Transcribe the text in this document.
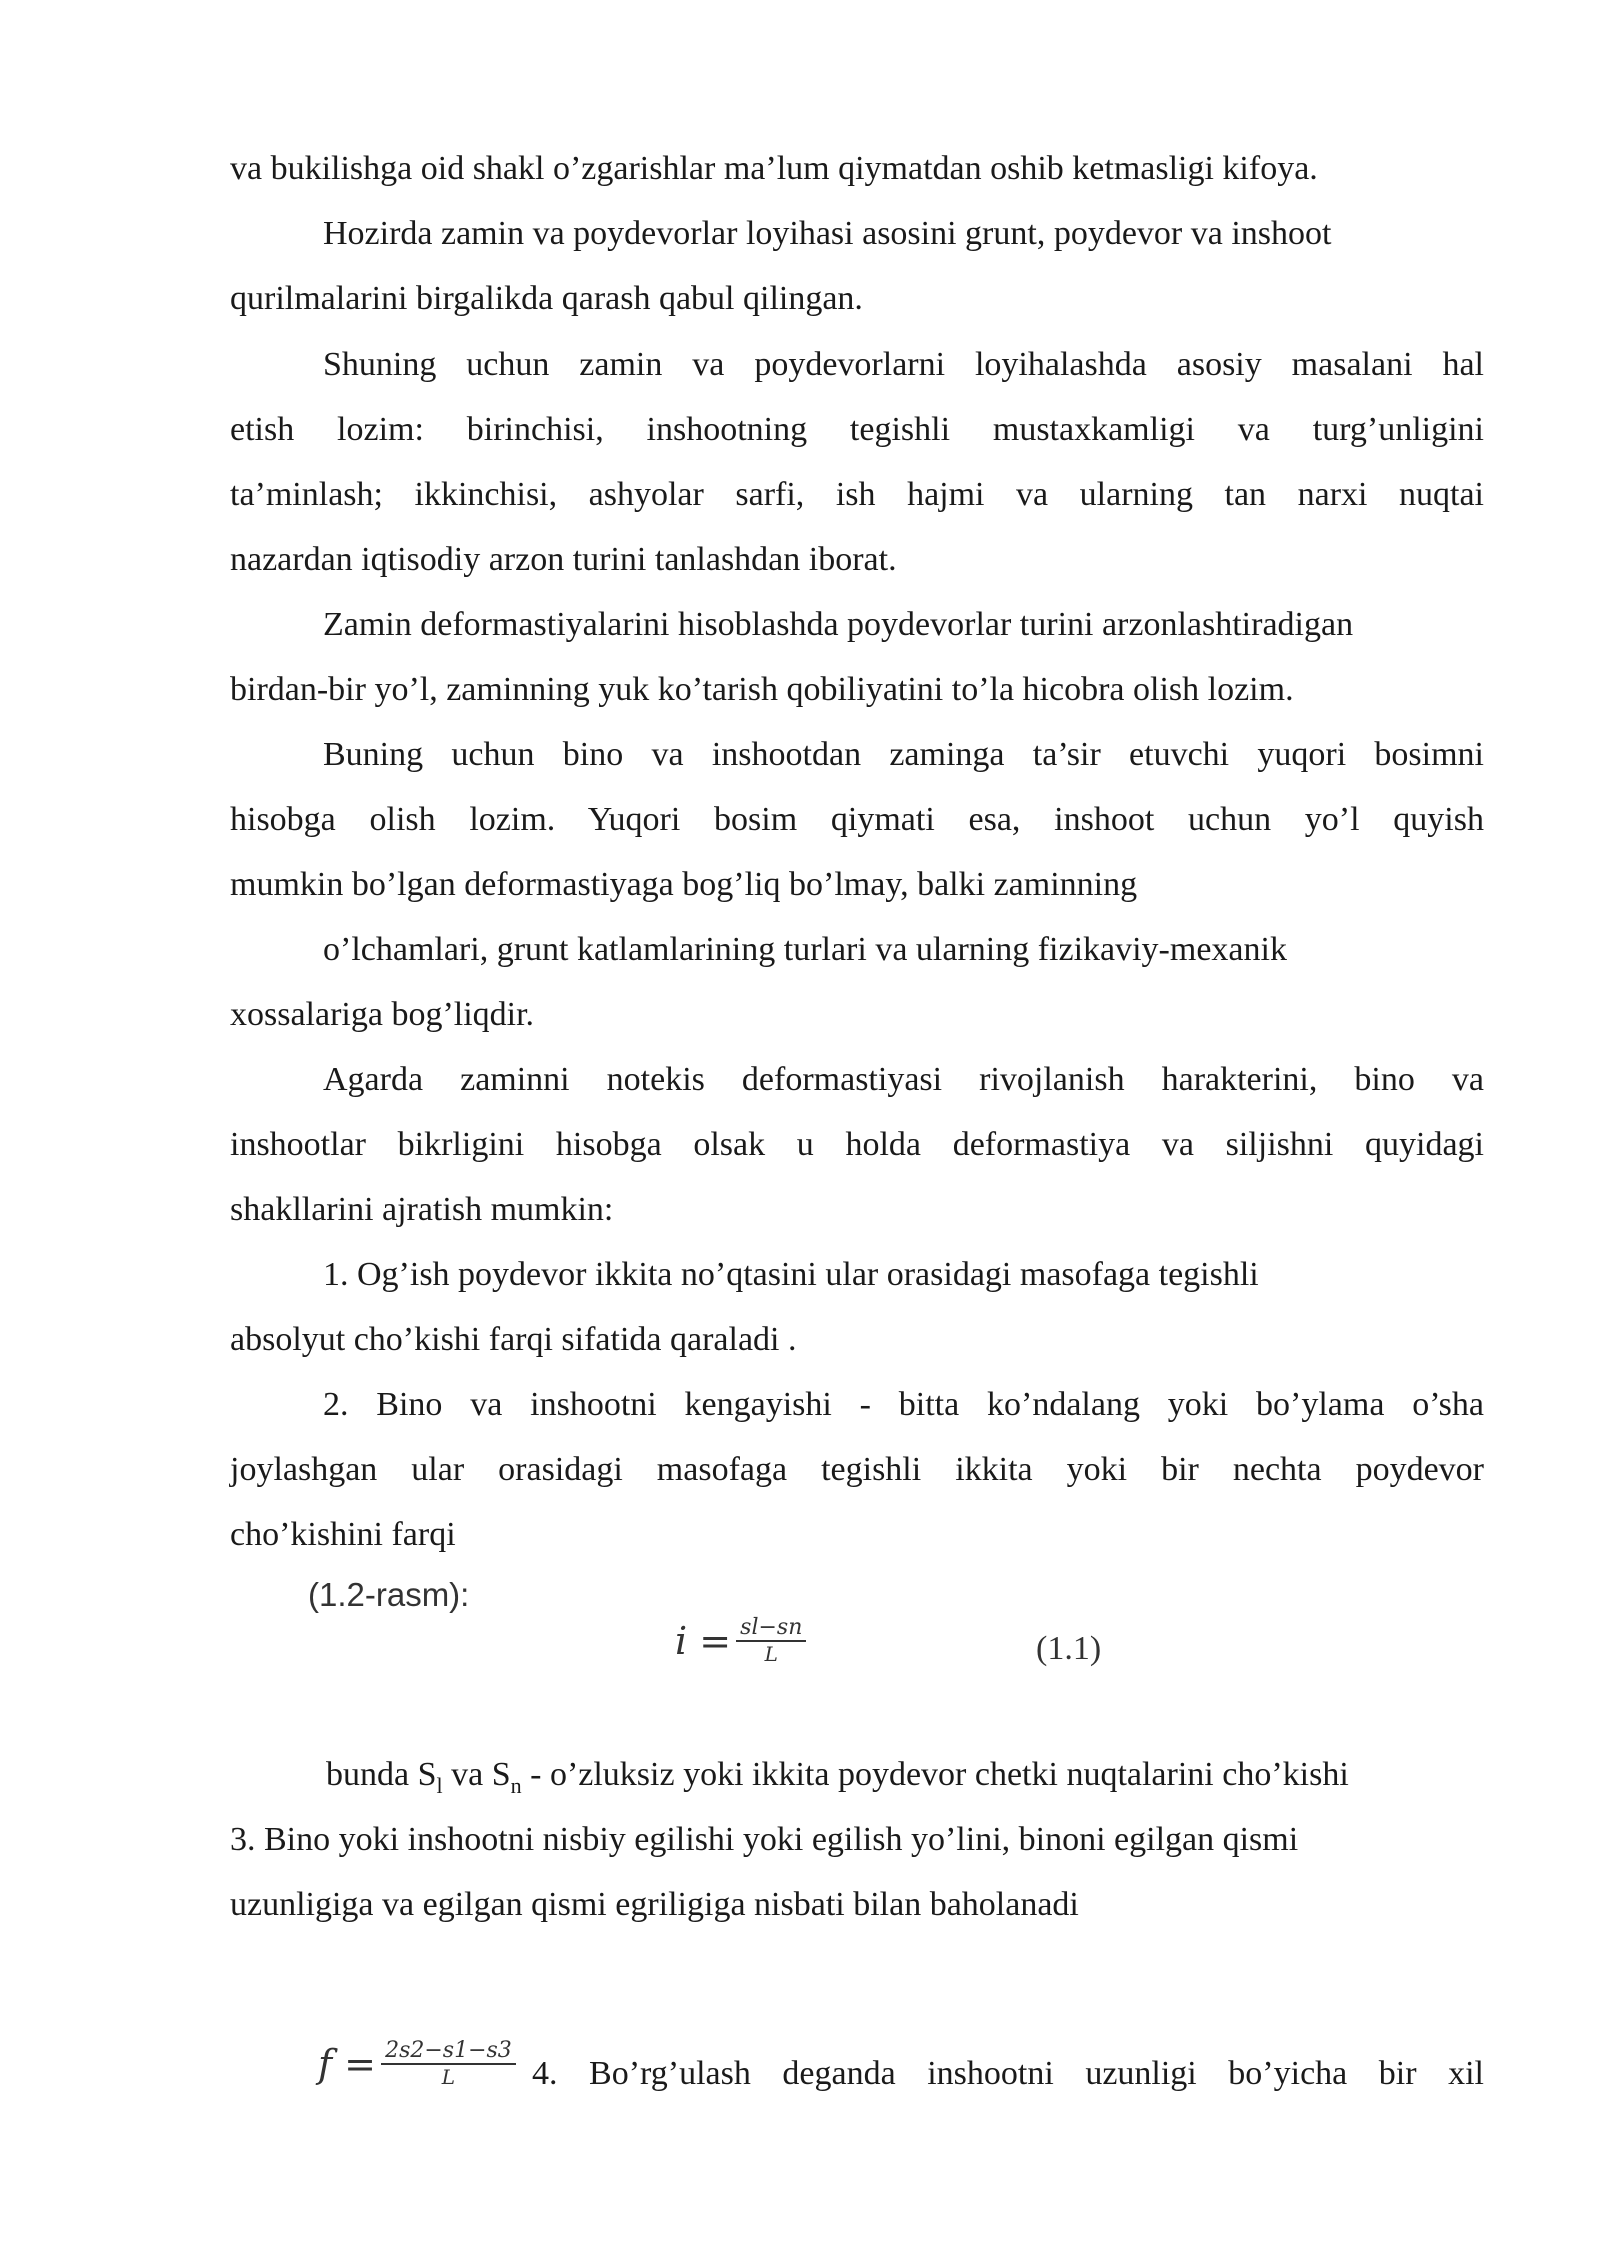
va bukilishga oid shakl o’zgarishlar ma’lum qiymatdan oshib ketmasligi kifoya.
Hozirda zamin va poydevorlar loyihasi asosini grunt, poydevor va inshoot
qurilmalarini birgalikda qarash qabul qilingan.
Shuning uchun zamin va poydevorlarni loyihalashda asosiy masalani hal
etish lozim: birinchisi, inshootning tegishli mustaxkamligi va turg’unligini
ta’minlash; ikkinchisi, ashyolar sarfi, ish hajmi va ularning tan narxi nuqtai
nazardan iqtisodiy arzon turini tanlashdan iborat.
Zamin deformastiyalarini hisoblashda poydevorlar turini arzonlashtiradigan
birdan-bir yo’l, zaminning yuk ko’tarish qobiliyatini to’la hicobra olish lozim.
Buning uchun bino va inshootdan zaminga ta’sir etuvchi yuqori bosimni
hisobga olish lozim. Yuqori bosim qiymati esa, inshoot uchun yo’l quyish
mumkin bo’lgan deformastiyaga bog’liq bo’lmay, balki zaminning
o’lchamlari, grunt katlamlarining turlari va ularning fizikaviy-mexanik
xossalariga bog’liqdir.
Agarda zaminni notekis deformastiyasi rivojlanish harakterini, bino va
inshootlar bikrligini hisobga olsak u holda deformastiya va siljishni quyidagi
shakllarini ajratish mumkin:
1. Og’ish poydevor ikkita no’qtasini ular orasidagi masofaga tegishli
absolyut cho’kishi farqi sifatida qaraladi .
2. Bino va inshootni kengayishi - bitta ko’ndalang yoki bo’ylama o’sha
joylashgan ular orasidagi masofaga tegishli ikkita yoki bir nechta poydevor
cho’kishini farqi
(1.2-rasm):
$i = \frac{sl-sn}{L}$	(1.1)
bunda $S_l$ va $S_n$ - o’zluksiz yoki ikkita poydevor chetki nuqtalarini cho’kishi
3. Bino yoki inshootni nisbiy egilishi yoki egilish yo’lini, binoni egilgan qismi
uzunligiga va egilgan qismi egriligiga nisbati bilan baholanadi
$f = \frac{2s2-s1-s3}{L} 4$. Bo’rg’ulash deganda inshootni uzunligi bo’yicha bir xil
